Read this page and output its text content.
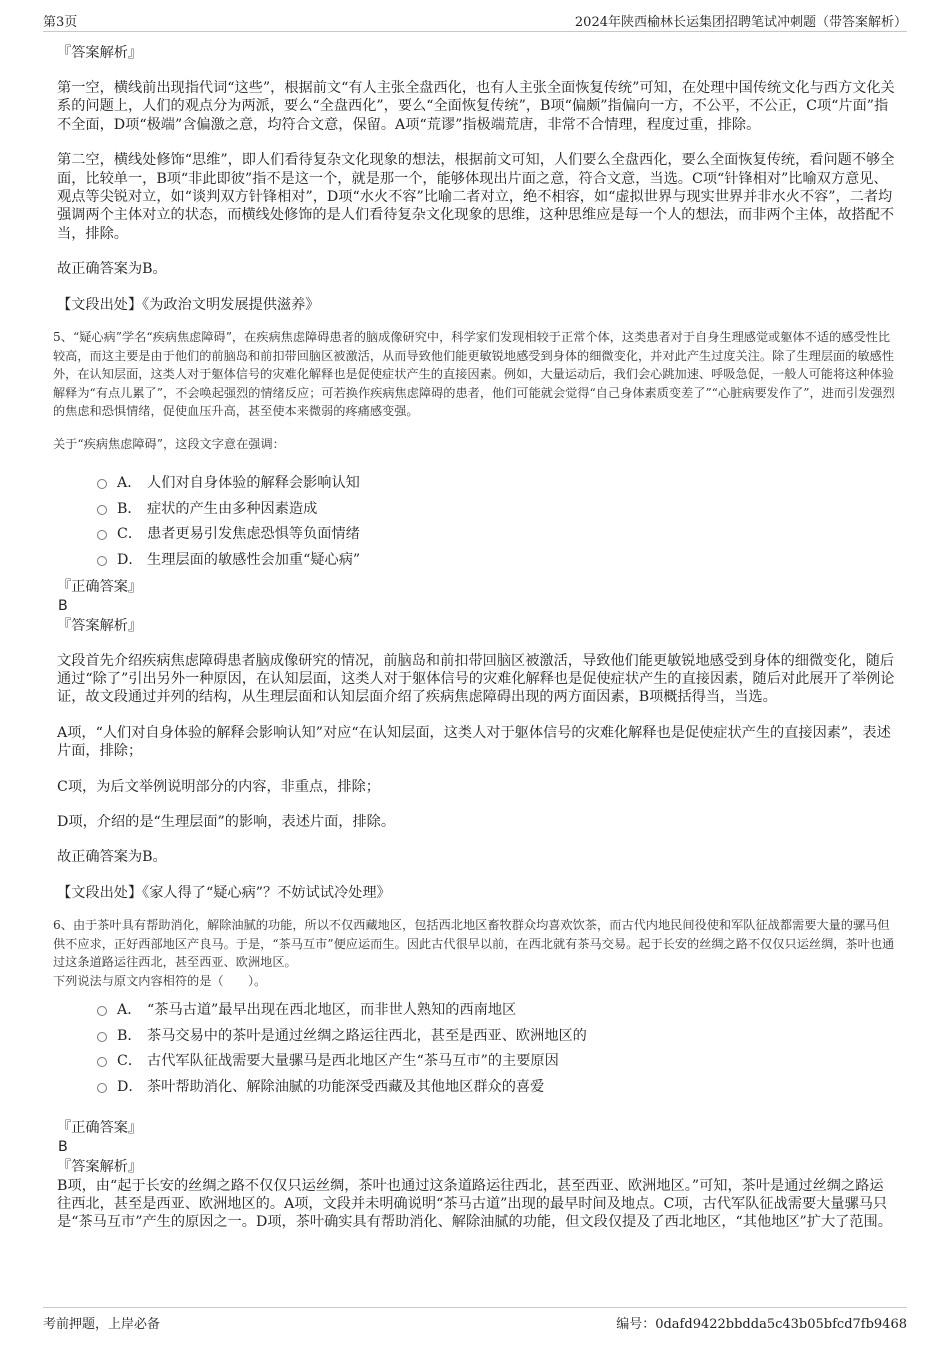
第3页	2024年陕西榆林长运集团招聘笔试冲刺题（带答案解析）

『答案解析』

第一空，横线前出现指代词“这些”，根据前文“有人主张全盘西化，也有人主张全面恢复传统”可知，在处理中国传统文化与西方文化关系的问题上，人们的观点分为两派，要么“全盘西化”，要么“全面恢复传统”，B项“偏颇”指偏向一方，不公平，不公正，C项“片面”指不全面，D项“极端”含偏激之意，均符合文意，保留。A项“荒谬”指极端荒唐，非常不合情理，程度过重，排除。

第二空，横线处修饰“思维”，即人们看待复杂文化现象的想法，根据前文可知，人们要么全盘西化，要么全面恢复传统，看问题不够全面，比较单一，B项“非此即彼”指不是这一个，就是那一个，能够体现出片面之意，符合文意，当选。C项“针锋相对”比喻双方意见、观点等尖锐对立，如“谈判双方针锋相对”，D项“水火不容”比喻二者对立，绝不相容，如“虚拟世界与现实世界并非水火不容”，二者均强调两个主体对立的状态，而横线处修饰的是人们看待复杂文化现象的思维，这种思维应是每一个人的想法，而非两个主体，故搭配不当，排除。

故正确答案为B。

【文段出处】《为政治文明发展提供滋养》

5、“疑心病”学名“疾病焦虑障碍”，在疾病焦虑障碍患者的脑成像研究中，科学家们发现相较于正常个体，这类患者对于自身生理感觉或躯体不适的感受性比较高，而这主要是由于他们的前脑岛和前扣带回脑区被激活，从而导致他们能更敏锐地感受到身体的细微变化，并对此产生过度关注。除了生理层面的敏感性外，在认知层面，这类人对于躯体信号的灾难化解释也是促使症状产生的直接因素。例如，大量运动后，我们会心跳加速、呼吸急促，一般人可能将这种体验解释为“有点儿累了”，不会唤起强烈的情绪反应；可若换作疾病焦虑障碍的患者，他们可能就会觉得“自己身体素质变差了”“心脏病要发作了”，进而引发强烈的焦虑和恐惧情绪，促使血压升高，甚至使本来微弱的疼痛感变强。

关于“疾病焦虑障碍”，这段文字意在强调：

A． 人们对自身体验的解释会影响认知
B． 症状的产生由多种因素造成
C． 患者更易引发焦虑恐惧等负面情绪
D． 生理层面的敏感性会加重“疑心病”

『正确答案』

B

『答案解析』

文段首先介绍疾病焦虑障碍患者脑成像研究的情况，前脑岛和前扣带回脑区被激活，导致他们能更敏锐地感受到身体的细微变化，随后通过“除了”引出另外一种原因，在认知层面，这类人对于躯体信号的灾难化解释也是促使症状产生的直接因素，随后对此展开了举例论证，故文段通过并列的结构，从生理层面和认知层面介绍了疾病焦虑障碍出现的两方面因素，B项概括得当，当选。

A项，“人们对自身体验的解释会影响认知”对应“在认知层面，这类人对于躯体信号的灾难化解释也是促使症状产生的直接因素”，表述片面，排除；

C项，为后文举例说明部分的内容，非重点，排除；

D项，介绍的是“生理层面”的影响，表述片面，排除。

故正确答案为B。

【文段出处】《家人得了“疑心病”？不妨试试冷处理》

6、由于茶叶具有帮助消化，解除油腻的功能，所以不仅西藏地区，包括西北地区畜牧群众均喜欢饮茶，而古代内地民间役使和军队征战都需要大量的骡马但供不应求，正好西部地区产良马。于是，“茶马互市”便应运而生。因此古代很早以前，在西北就有茶马交易。起于长安的丝绸之路不仅仅只运丝绸，茶叶也通过这条道路运往西北，甚至西亚、欧洲地区。

下列说法与原文内容相符的是（　　）。

A． “茶马古道”最早出现在西北地区，而非世人熟知的西南地区
B． 茶马交易中的茶叶是通过丝绸之路运往西北，甚至是西亚、欧洲地区的
C． 古代军队征战需要大量骡马是西北地区产生“茶马互市”的主要原因
D． 茶叶帮助消化、解除油腻的功能深受西藏及其他地区群众的喜爱

『正确答案』

B

『答案解析』

B项，由“起于长安的丝绸之路不仅仅只运丝绸，茶叶也通过这条道路运往西北，甚至西亚、欧洲地区。”可知，茶叶是通过丝绸之路运往西北，甚至是西亚、欧洲地区的。A项，文段并未明确说明“茶马古道”出现的最早时间及地点。C项，古代军队征战需要大量骡马只是“茶马互市”产生的原因之一。D项，茶叶确实具有帮助消化、解除油腻的功能，但文段仅提及了西北地区，“其他地区”扩大了范围。

考前押题，上岸必备	编号：0dafd9422bbdda5c43b05bfcd7fb9468
